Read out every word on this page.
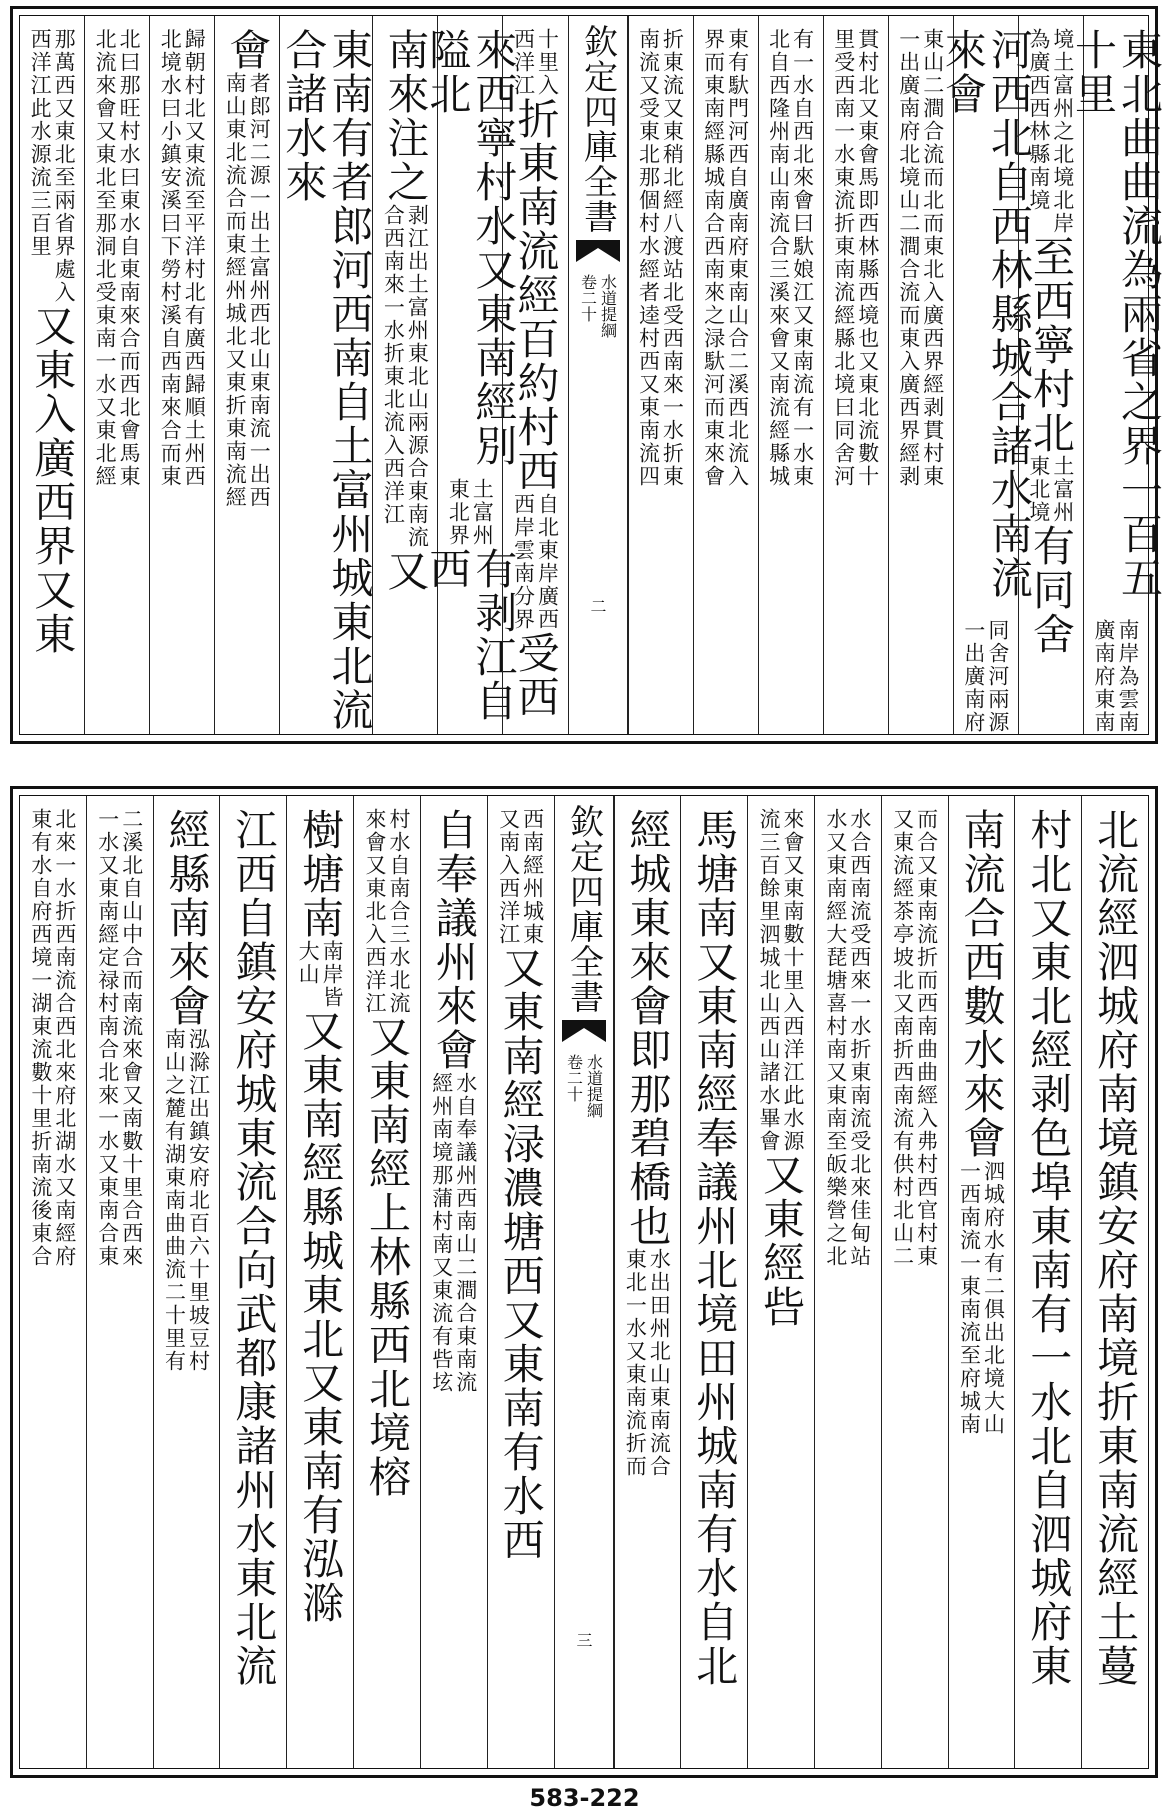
東北曲曲流為兩省之界一百五十里
南岸為雲南
廣南府東南
境土富州之北境北岸
為廣西西林縣南境
至西寧村北
土富州
東北境
有同舍
河西北自西林縣城合諸水南流來會
同舍河兩源
一出廣南府
東山二澗合流而北而東北入廣西界經剥貫村東
一出廣南府北境山二澗合流而東入廣西界經剥
貫村北又東會馬即西林縣西境也又東北流數十
里受西南一水東流折東南流經縣北境曰同舍河
有一水自西北來會曰馱娘江又東南流有一水東
北自西隆州南山南流合三溪來會又南流經縣城
東有馱門河西自廣南府東南山合二溪西北流入
界而東南經縣城南合西南來之渌馱河而東來會
折東流又東稍北經八渡站北受西南來一水折東
南流又受東北那個村水經者逵村西又東南流四
欽定四庫全書
水道提綱
卷二十
二
十里入
西洋江
折東南流經百約村西
自北東岸廣西
西岸雲南分界
受西
來西寧村水又東南經別隘北
土富州
東北界
有剥江自西
南來注之
剥江出土富州東北山兩源合東南流
合西南來一水折東北流入西洋江
又
東南有者郎河西南自土富州城東北流合諸水來
會
者郎河二源一出土富州西北山東南流一出西
南山東北流合而東經州城北又東折東南流經
歸朝村北又東流至平洋村北有廣西歸順土州西
北境水曰小鎮安溪曰下勞村溪自西南來合而東
北曰那旺村水曰東水自東南來合而西北會馬東
北流來會又東北至那洞北受東南一水又東北經
那萬西又東北至兩省界處入
西洋江此水源流三百里
又東入廣西界又東
北流經泗城府南境鎮安府南境折東南流經土蔓
村北又東北經剥色埠東南有一水北自泗城府東
南流合西數水來會
泗城府水有二俱出北境大山
一西南流一東南流至府城南
而合又東南流折而西南曲曲經入弗村西官村東
又東流經茶亭坡北又南折西南流有供村北山二
水合西南流受西來一水折東南流受北來佳甸站
水又東南經大琵塘喜村南又東南至皈樂營之北
來會又東南數十里入西洋江此水源
流三百餘里泗城北山西山諸水畢會
又東經呰
馬塘南又東南經奉議州北境田州城南有水自北
經城東來會即那碧橋也
水出田州北山東南流合
東北一水又東南流折而
欽定四庫全書
水道提綱
卷二十
三
西南經州城東
又南入西洋江
又東南經渌濃塘西又東南有水西
自奉議州來會
水自奉議州西南山二澗合東南流
經州南境那蒲村南又東流有呰𡊨
村水自南合三水北流
來會又東北入西洋江
又東南經上林縣西北境榕
樹塘南
南岸皆
大山
又東南經縣城東北又東南有泓滁
江西自鎮安府城東流合向武都康諸州水東北流
經縣南來會
泓滁江出鎮安府北百六十里坡豆村
南山之麓有湖東南曲曲流二十里有
二溪北自山中合而南流來會又南數十里合西來
一水又東南經定禄村南合北來一水又東南合東
北來一水折西南流合西北來府北湖水又南經府
東有水自府西境一湖東流數十里折南流後東合
583-222
